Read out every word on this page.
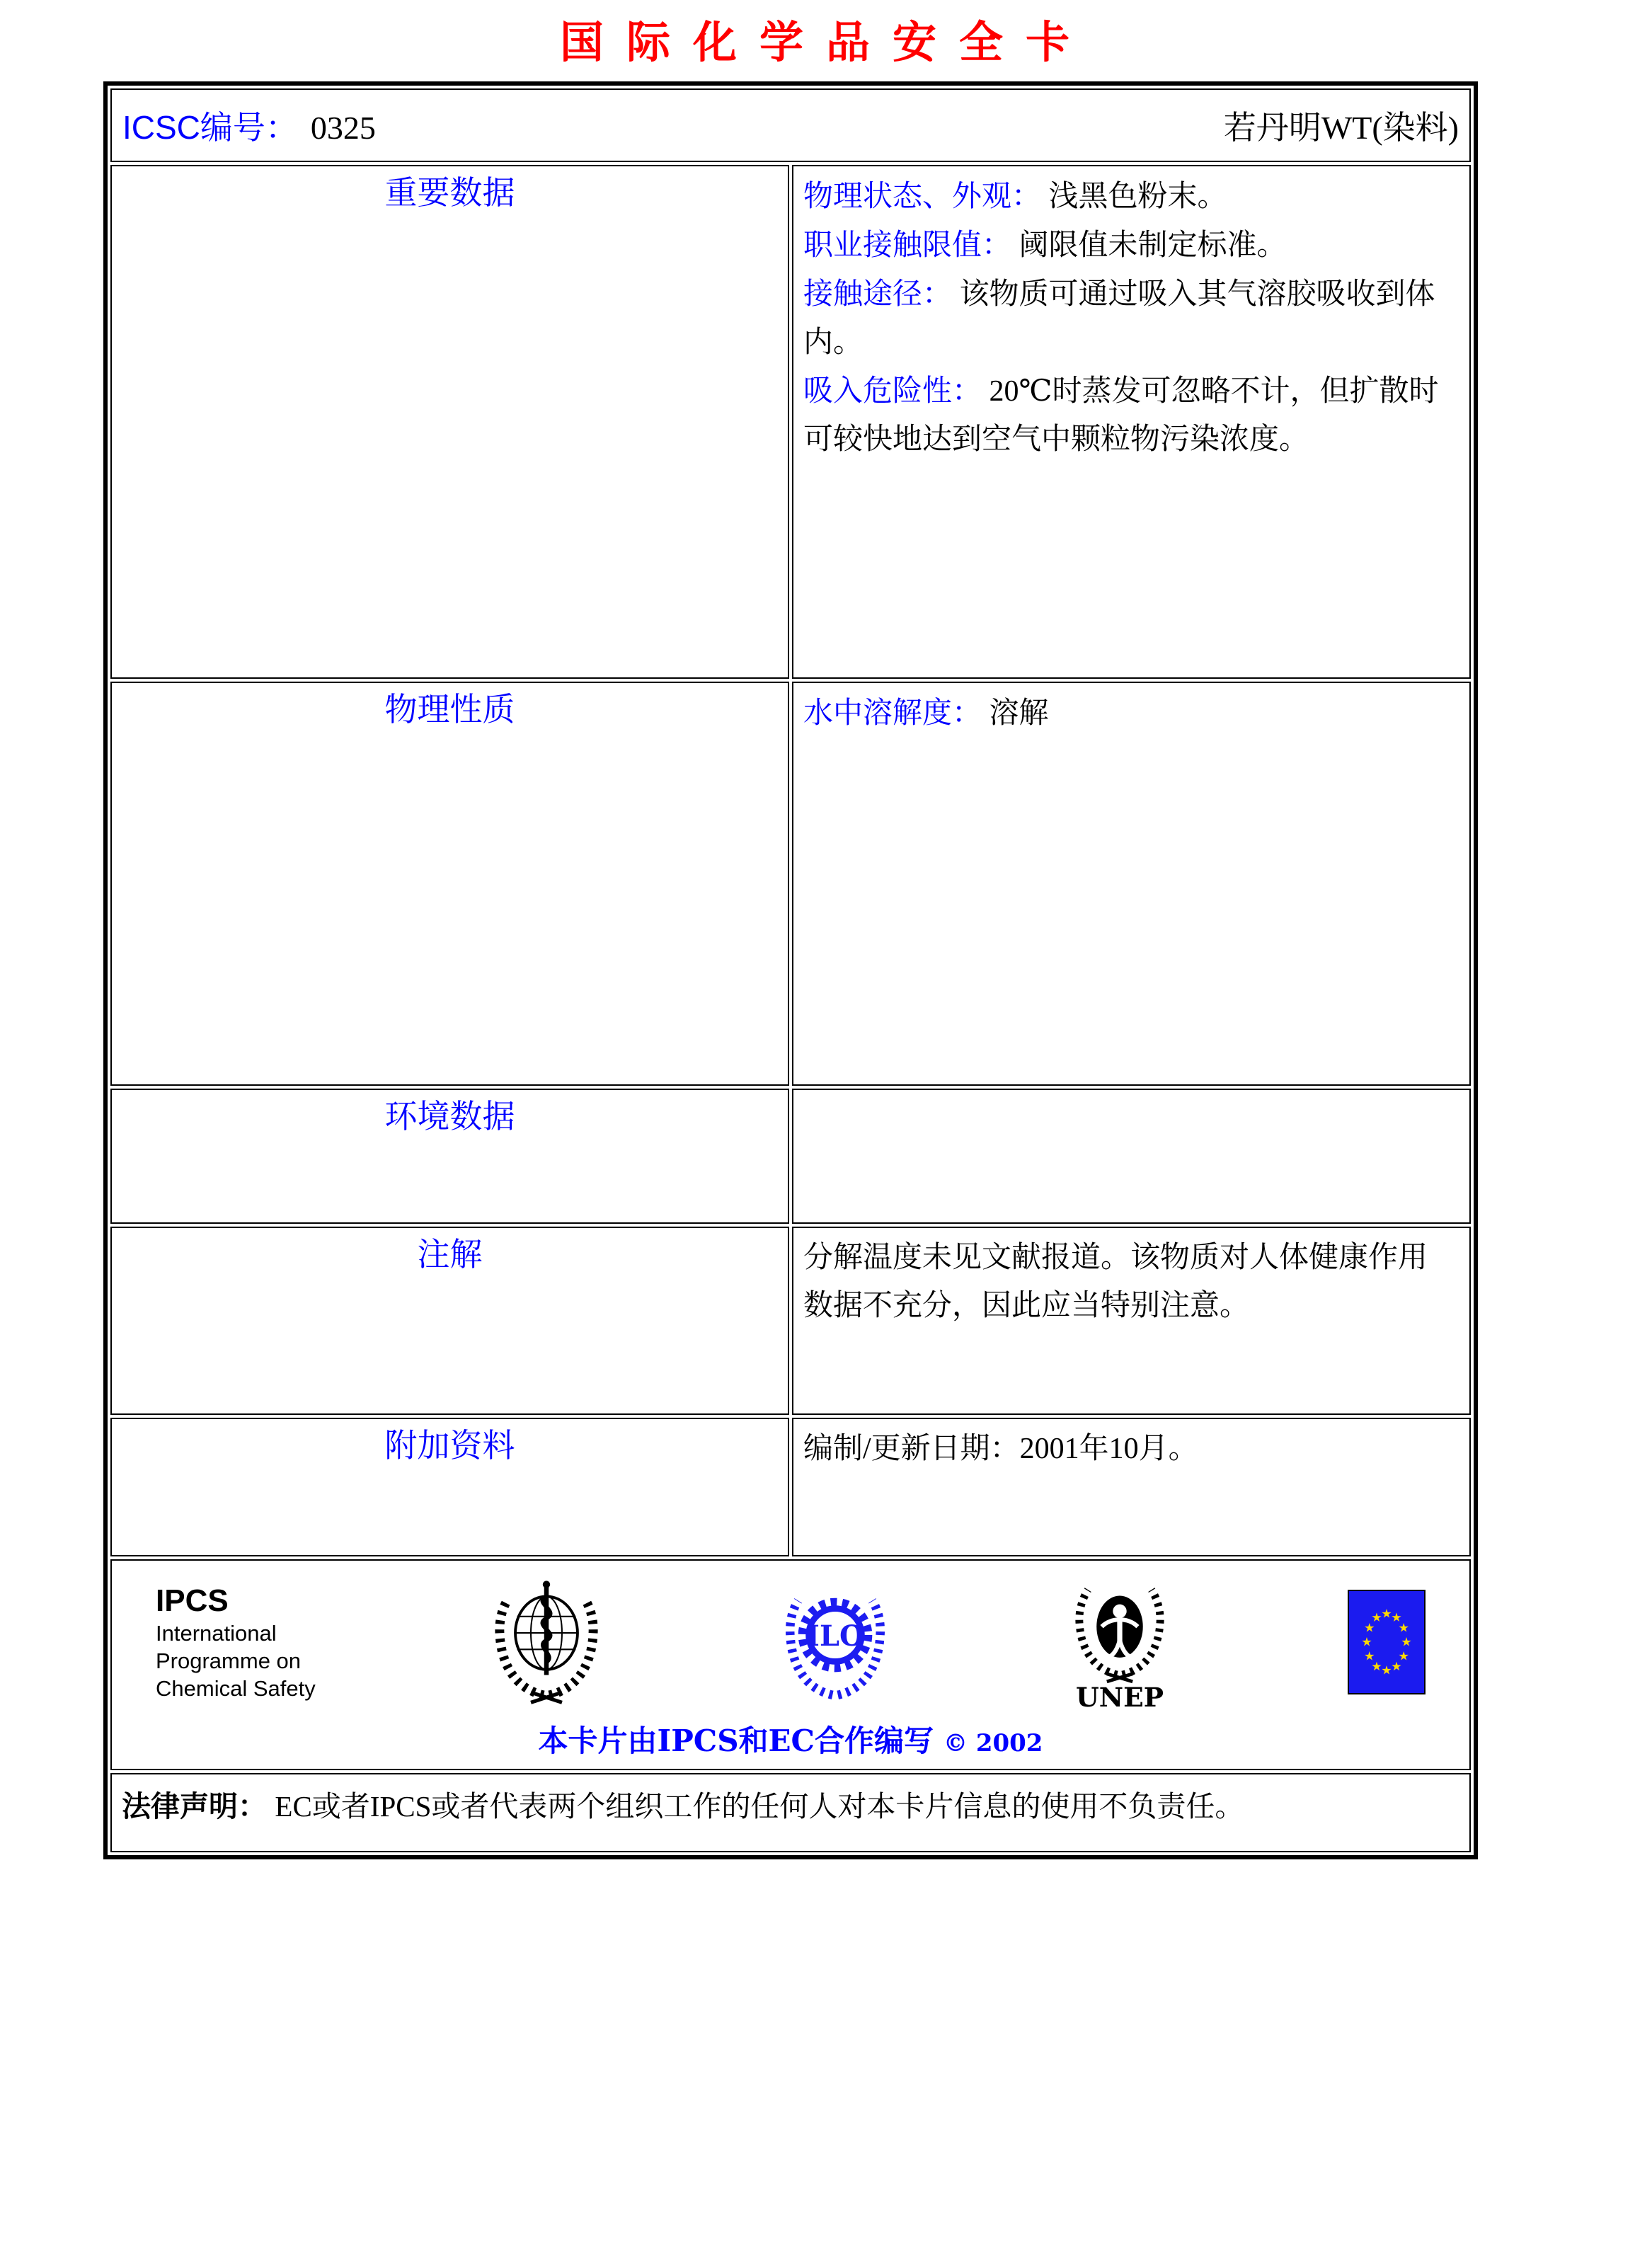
国际化学品安全卡
ICSC编号： 0325 若丹明WT(染料)	

重要数据	物理状态、外观： 浅黑色粉末。
职业接触限值： 阈限值未制定标准。
接触途径： 该物质可通过吸入其气溶胶吸收到体内。
吸入危险性： 20℃时蒸发可忽略不计，但扩散时可较快地达到空气中颗粒物污染浓度。

物理性质	水中溶解度： 溶解

环境数据	
注解	分解温度未见文献报道。该物质对人体健康作用数据不充分，因此应当特别注意。
附加资料	编制/更新日期：2001年10月。

IPCS
International
Programme on
Chemical Safety
ILO
UNEP
本卡片由IPCS和EC合作编写 © 2002

法律声明： EC或者IPCS或者代表两个组织工作的任何人对本卡片信息的使用不负责任。	
